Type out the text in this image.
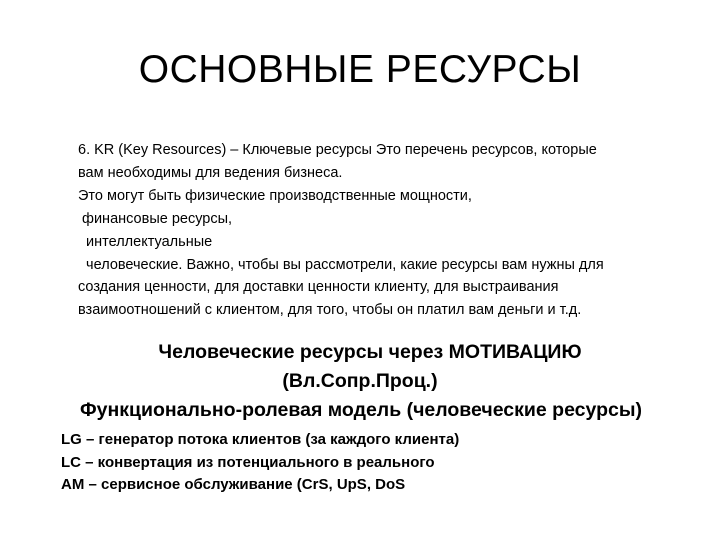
ОСНОВНЫЕ РЕСУРСЫ
6. KR (Key Resources) – Ключевые ресурсы Это перечень ресурсов, которые
вам необходимы для ведения бизнеса.
Это могут быть физические производственные мощности,
финансовые ресурсы,
интеллектуальные
человеческие. Важно, чтобы вы рассмотрели, какие ресурсы вам нужны для
создания ценности, для доставки ценности клиенту, для выстраивания
взаимоотношений с клиентом, для того, чтобы он платил вам деньги и т.д.
Человеческие ресурсы через МОТИВАЦИЮ
(Вл.Сопр.Проц.)
Функционально-ролевая модель (человеческие ресурсы)
LG – генератор потока клиентов (за каждого клиента)
LC – конвертация из потенциального в реального
AM – сервисное обслуживание (CrS, UpS, DoS
